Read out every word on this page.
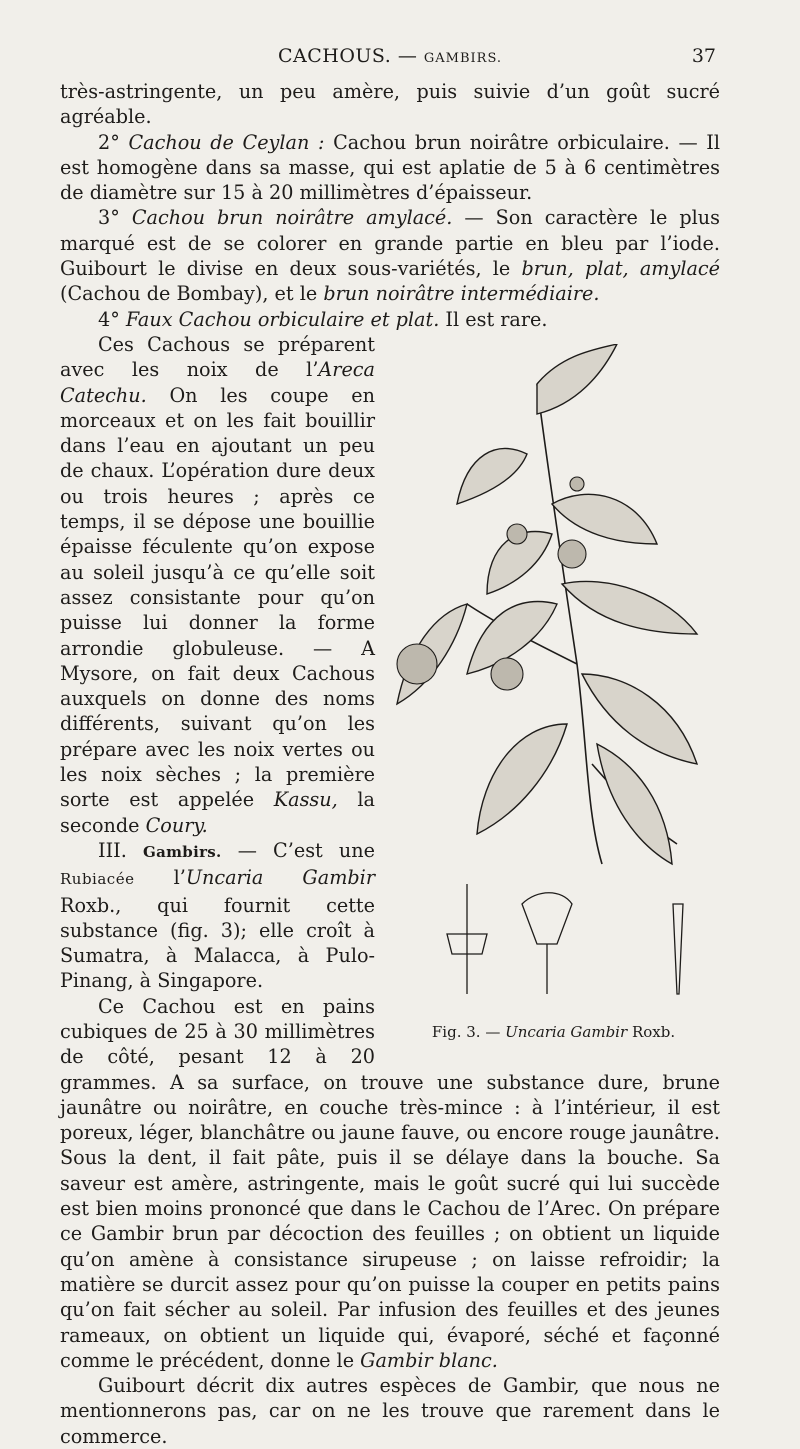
CACHOUS. — GAMBIRS.	37

très-astringente, un peu amère, puis suivie d’un goût sucré agréable.

2° Cachou de Ceylan : Cachou brun noirâtre orbiculaire. — Il est homogène dans sa masse, qui est aplatie de 5 à 6 centimètres de diamètre sur 15 à 20 millimètres d’épaisseur.

3° Cachou brun noirâtre amylacé. — Son caractère le plus marqué est de se colorer en grande partie en bleu par l’iode. Guibourt le divise en deux sous-variétés, le brun, plat, amylacé (Cachou de Bombay), et le brun noirâtre intermédiaire.

4° Faux Cachou orbiculaire et plat. Il est rare.

Fig. 3. — Uncaria Gambir Roxb.

Ces Cachous se préparent avec les noix de l’Areca Catechu. On les coupe en morceaux et on les fait bouillir dans l’eau en ajoutant un peu de chaux. L’opération dure deux ou trois heures ; après ce temps, il se dépose une bouillie épaisse féculente qu’on expose au soleil jusqu’à ce qu’elle soit assez consistante pour qu’on puisse lui donner la forme arrondie globuleuse. — A Mysore, on fait deux Cachous auxquels on donne des noms différents, suivant qu’on les prépare avec les noix vertes ou les noix sèches ; la première sorte est appelée Kassu, la seconde Coury.

III. Gambirs. — C’est une Rubiacée l’Uncaria Gambir Roxb., qui fournit cette substance (fig. 3); elle croît à Sumatra, à Malacca, à Pulo-Pinang, à Singapore.

Ce Cachou est en pains cubiques de 25 à 30 millimètres de côté, pesant 12 à 20 grammes. A sa surface, on trouve une substance dure, brune jaunâtre ou noirâtre, en couche très-mince : à l’intérieur, il est poreux, léger, blanchâtre ou jaune fauve, ou encore rouge jaunâtre. Sous la dent, il fait pâte, puis il se délaye dans la bouche. Sa saveur est amère, astringente, mais le goût sucré qui lui succède est bien moins prononcé que dans le Cachou de l’Arec. On prépare ce Gambir brun par décoction des feuilles ; on obtient un liquide qu’on amène à consistance sirupeuse ; on laisse refroidir; la matière se durcit assez pour qu’on puisse la couper en petits pains qu’on fait sécher au soleil. Par infusion des feuilles et des jeunes rameaux, on obtient un liquide qui, évaporé, séché et façonné comme le précédent, donne le Gambir blanc.

Guibourt décrit dix autres espèces de Gambir, que nous ne mentionnerons pas, car on ne les trouve que rarement dans le commerce.
